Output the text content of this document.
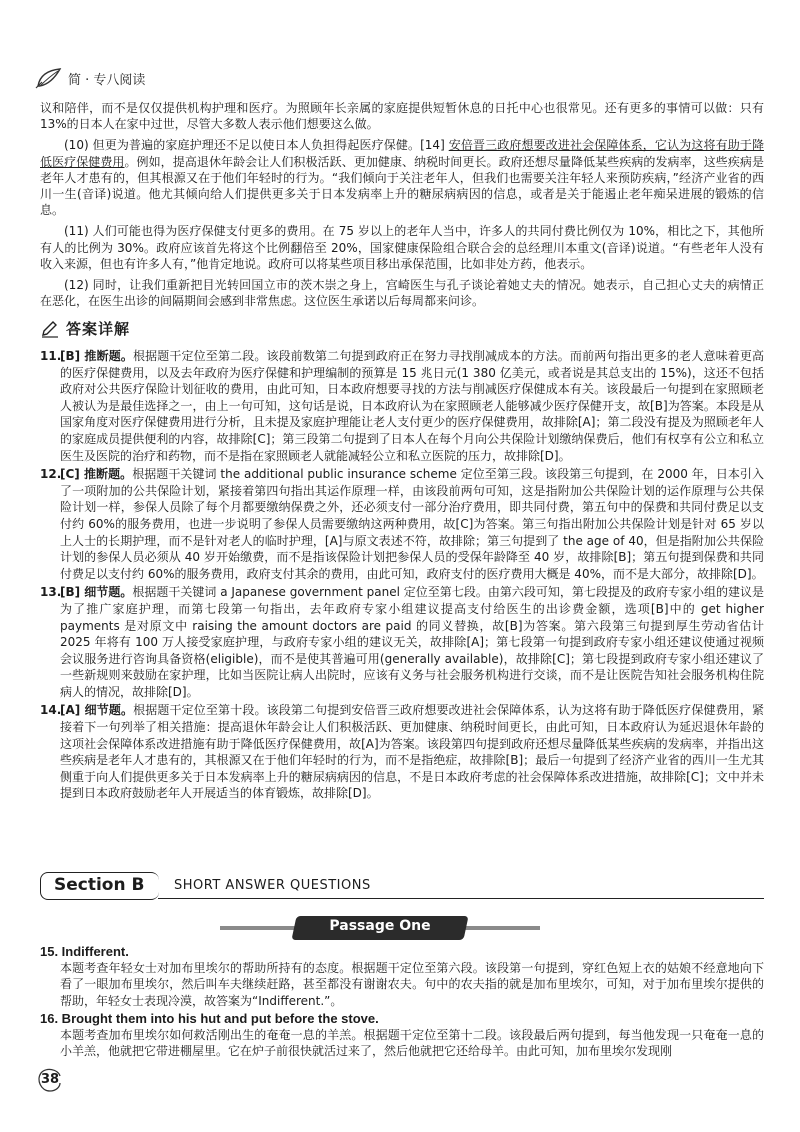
简 · 专八阅读

议和陪伴，而不是仅仅提供机构护理和医疗。为照顾年长亲属的家庭提供短暂休息的日托中心也很常见。还有更多的事情可以做：只有 13%的日本人在家中过世，尽管大多数人表示他们想要这么做。

(10) 但更为普遍的家庭护理还不足以使日本人负担得起医疗保健。[14] 安倍晋三政府想要改进社会保障体系，它认为这将有助于降低医疗保健费用。例如，提高退休年龄会让人们积极活跃、更加健康、纳税时间更长。政府还想尽量降低某些疾病的发病率，这些疾病是老年人才患有的，但其根源又在于他们年轻时的行为。“我们倾向于关注老年人，但我们也需要关注年轻人来预防疾病，”经济产业省的西川一生(音译)说道。他尤其倾向给人们提供更多关于日本发病率上升的糖尿病病因的信息，或者是关于能遏止老年痴呆进展的锻炼的信息。

(11) 人们可能也得为医疗保健支付更多的费用。在 75 岁以上的老年人当中，许多人的共同付费比例仅为 10%，相比之下，其他所有人的比例为 30%。政府应该首先将这个比例翻倍至 20%，国家健康保险组合联合会的总经理川本重文(音译)说道。“有些老年人没有收入来源，但也有许多人有，”他肯定地说。政府可以将某些项目移出承保范围，比如非处方药，他表示。

(12) 同时，让我们重新把目光转回国立市的茨木崇之身上，宫崎医生与孔子谈论着她丈夫的情况。她表示，自己担心丈夫的病情正在恶化，在医生出诊的间隔期间会感到非常焦虑。这位医生承诺以后每周都来问诊。

答案详解
11.
[B] 推断题。根据题干定位至第二段。该段前数第二句提到政府正在努力寻找削减成本的方法。而前两句指出更多的老人意味着更高的医疗保健费用，以及去年政府为医疗保健和护理编制的预算是 15 兆日元(1 380 亿美元，或者说是其总支出的 15%)，这还不包括政府对公共医疗保险计划征收的费用，由此可知，日本政府想要寻找的方法与削减医疗保健成本有关。该段最后一句提到在家照顾老人被认为是最佳选择之一，由上一句可知，这句话是说，日本政府认为在家照顾老人能够减少医疗保健开支，故[B]为答案。本段是从国家角度对医疗保健费用进行分析，且未提及家庭护理能让老人支付更少的医疗保健费用，故排除[A]；第二段没有提及为照顾老年人的家庭成员提供便利的内容，故排除[C]；第三段第二句提到了日本人在每个月向公共保险计划缴纳保费后，他们有权享有公立和私立医生及医院的治疗和药物，而不是指在家照顾老人就能减轻公立和私立医院的压力，故排除[D]。
12.
[C] 推断题。根据题干关键词 the additional public insurance scheme 定位至第三段。该段第三句提到，在 2000 年，日本引入了一项附加的公共保险计划，紧接着第四句指出其运作原理一样，由该段前两句可知，这是指附加公共保险计划的运作原理与公共保险计划一样，参保人员除了每个月都要缴纳保费之外，还必须支付一部分治疗费用，即共同付费，第五句中的保费和共同付费足以支付约 60%的服务费用，也进一步说明了参保人员需要缴纳这两种费用，故[C]为答案。第三句指出附加公共保险计划是针对 65 岁以上人士的长期护理，而不是针对老人的临时护理，[A]与原文表述不符，故排除；第三句提到了 the age of 40，但是指附加公共保险计划的参保人员必须从 40 岁开始缴费，而不是指该保险计划把参保人员的受保年龄降至 40 岁，故排除[B]；第五句提到保费和共同付费足以支付约 60%的服务费用，政府支付其余的费用，由此可知，政府支付的医疗费用大概是 40%，而不是大部分，故排除[D]。
13.
[B] 细节题。根据题干关键词 a Japanese government panel 定位至第七段。由第六段可知，第七段提及的政府专家小组的建议是为了推广家庭护理，而第七段第一句指出，去年政府专家小组建议提高支付给医生的出诊费金额，选项[B]中的 get higher payments 是对原文中 raising the amount doctors are paid 的同义替换，故[B]为答案。第六段第三句提到厚生劳动省估计 2025 年将有 100 万人接受家庭护理，与政府专家小组的建议无关，故排除[A]；第七段第一句提到政府专家小组还建议使通过视频会议服务进行咨询具备资格(eligible)，而不是使其普遍可用(generally available)，故排除[C]；第七段提到政府专家小组还建议了一些新规则来鼓励在家护理，比如当医院让病人出院时，应该有义务与社会服务机构进行交谈，而不是让医院告知社会服务机构住院病人的情况，故排除[D]。
14.
[A] 细节题。根据题干定位至第十段。该段第二句提到安倍晋三政府想要改进社会保障体系，认为这将有助于降低医疗保健费用，紧接着下一句列举了相关措施：提高退休年龄会让人们积极活跃、更加健康、纳税时间更长，由此可知，日本政府认为延迟退休年龄的这项社会保障体系改进措施有助于降低医疗保健费用，故[A]为答案。该段第四句提到政府还想尽量降低某些疾病的发病率，并指出这些疾病是老年人才患有的，其根源又在于他们年轻时的行为，而不是指绝症，故排除[B]；最后一句提到了经济产业省的西川一生尤其侧重于向人们提供更多关于日本发病率上升的糖尿病病因的信息，不是日本政府考虑的社会保障体系改进措施，故排除[C]；文中并未提到日本政府鼓励老年人开展适当的体育锻炼，故排除[D]。
Section B SHORT ANSWER QUESTIONS
Passage One
15. Indifferent.
本题考查年轻女士对加布里埃尔的帮助所持有的态度。根据题干定位至第六段。该段第一句提到，穿红色短上衣的姑娘不经意地向下看了一眼加布里埃尔，然后叫车夫继续赶路，甚至都没有谢谢农夫。句中的农夫指的就是加布里埃尔，可知，对于加布里埃尔提供的帮助，年轻女士表现冷漠，故答案为“Indifferent.”。
16. Brought them into his hut and put before the stove.
本题考查加布里埃尔如何救活刚出生的奄奄一息的羊羔。根据题干定位至第十二段。该段最后两句提到，每当他发现一只奄奄一息的小羊羔，他就把它带进棚屋里。它在炉子前很快就活过来了，然后他就把它还给母羊。由此可知，加布里埃尔发现刚
38
